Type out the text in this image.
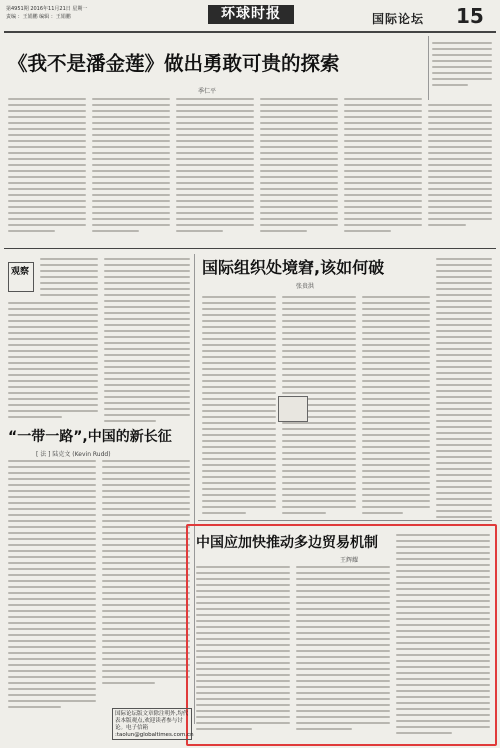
第4951期 2016年11月21日 星期一
责编 ：王娟鹏 编辑 ：王娟鹏	环球时报	国际论坛 15
《我不是潘金莲》做出勇敢可贵的探索
季仁平
观察
“一带一路”,中国的新长征
[ 法 ] 陆克文 (Kevin Rudd)
国际组织处境窘,该如何破
张贵洪
中国应加快推动多边贸易机制
王辉耀
国际论坛版文章除注明外,均代表本版观点,欢迎读者参与讨论。电子信箱 :taolun@globaltimes.com.cn
